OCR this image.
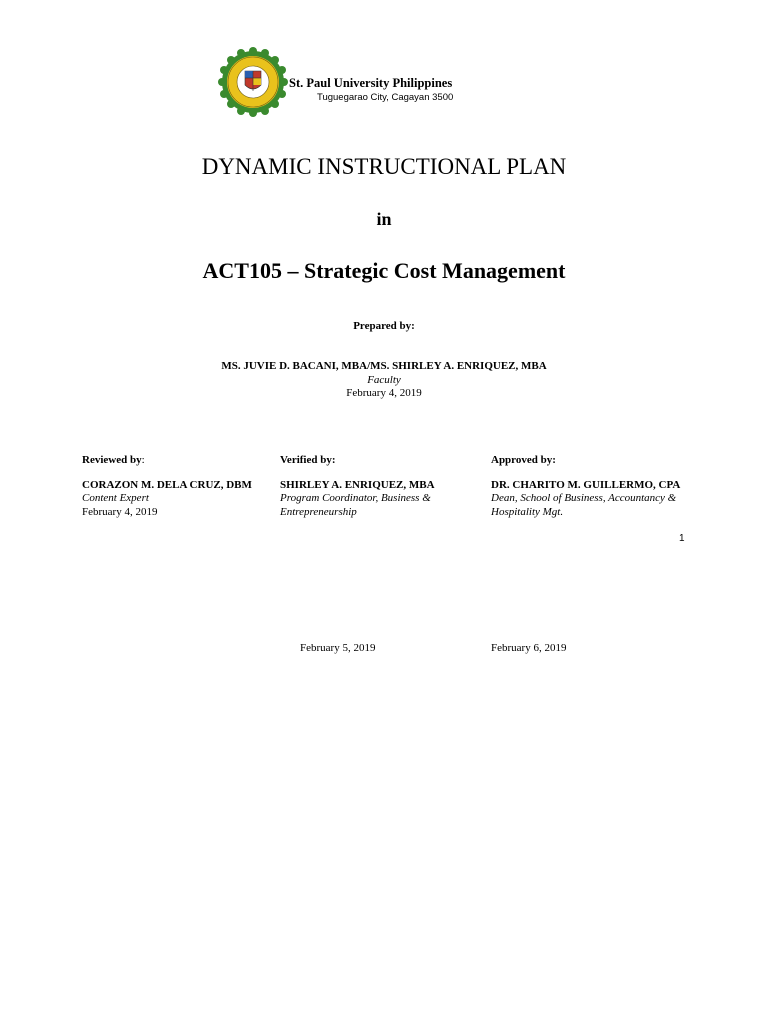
St. Paul University Philippines
Tuguegarao City, Cagayan 3500
DYNAMIC INSTRUCTIONAL PLAN
in
ACT105 – Strategic Cost Management
Prepared by:
MS. JUVIE D. BACANI, MBA/MS. SHIRLEY A. ENRIQUEZ, MBA
Faculty
February 4, 2019
Reviewed by:
CORAZON M. DELA CRUZ, DBM
Content Expert
February 4, 2019
Verified by:
SHIRLEY A. ENRIQUEZ, MBA
Program Coordinator, Business &
Entrepreneurship
Approved by:
DR. CHARITO M. GUILLERMO, CPA
Dean, School of Business, Accountancy &
Hospitality Mgt.
1
February 5, 2019	February 6, 2019
